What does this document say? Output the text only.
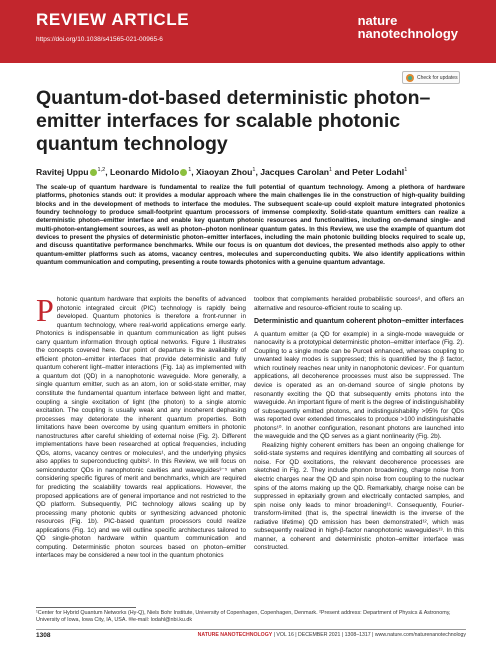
REVIEW ARTICLE
https://doi.org/10.1038/s41565-021-00965-6
nature
nanotechnology
Check for updates
Quantum-dot-based deterministic photon–emitter interfaces for scalable photonic quantum technology
Ravitej Uppu $^{1,2}$, Leonardo Midolo $^1$, Xiaoyan Zhou$^1$, Jacques Carolan$^1$ and Peter Lodahl$^1$

The scale-up of quantum hardware is fundamental to realize the full potential of quantum technology. Among a plethora of hardware platforms, photonics stands out: it provides a modular approach where the main challenges lie in the construction of high-quality building blocks and in the development of methods to interface the modules. The subsequent scale-up could exploit mature integrated photonics foundry technology to produce small-footprint quantum processors of immense complexity. Solid-state quantum emitters can realize a deterministic photon–emitter interface and enable key quantum photonic resources and functionalities, including on-demand single- and multi-photon-entanglement sources, as well as photon–photon nonlinear quantum gates. In this Review, we use the example of quantum dot devices to present the physics of deterministic photon–emitter interfaces, including the main photonic building blocks required to scale up, and discuss quantitative performance benchmarks. While our focus is on quantum dot devices, the presented methods also apply to other quantum-emitter platforms such as atoms, vacancy centres, molecules and superconducting qubits. We also identify applications within quantum communication and computing, presenting a route towards photonics with a genuine quantum advantage.

P hotonic quantum hardware that exploits the benefits of advanced photonic integrated circuit (PIC) technology is rapidly being developed. Quantum photonics is therefore a front-runner in quantum technology, where real-world applications emerge early. Photonics is indispensable in quantum communication as light pulses carry quantum information through optical networks. Figure 1 illustrates the concepts covered here. Our point of departure is the availability of efficient photon–emitter interfaces that provide deterministic and fully quantum coherent light–matter interactions (Fig. 1a) as implemented with a quantum dot (QD) in a nanophotonic waveguide. More generally, a single quantum emitter, such as an atom, ion or solid-state emitter, may constitute the fundamental quantum interface between light and matter, coupling a single excitation of light (the photon) to a single atomic excitation. The coupling is usually weak and any incoherent dephasing processes may deteriorate the inherent quantum properties. Both limitations have been overcome by using quantum emitters in photonic nanostructures after careful shielding of external noise (Fig. 2). Different implementations have been researched at optical frequencies, including QDs, atoms, vacancy centres or molecules¹, and the underlying physics also applies to superconducting qubits². In this Review, we will focus on semiconductor QDs in nanophotonic cavities and waveguides³⁻⁵ when considering specific figures of merit and benchmarks, which are required for predicting the scalability towards real applications. However, the proposed applications are of general importance and not restricted to the QD platform. Subsequently, PIC technology allows scaling up by processing many photonic qubits or synthesizing advanced photonic resources (Fig. 1b). PIC-based quantum processors could realize applications (Fig. 1c) and we will outline specific architectures tailored to QD single-photon hardware within quantum communication and computing. Deterministic photon sources based on photon–emitter interfaces may be considered a new tool in the quantum photonics

toolbox that complements heralded probabilistic sources⁶, and offers an alternative and resource-efficient route to scaling up.

Deterministic and quantum coherent photon–emitter interfaces

A quantum emitter (a QD for example) in a single-mode waveguide or nanocavity is a prototypical deterministic photon–emitter interface (Fig. 2). Coupling to a single mode can be Purcell enhanced, whereas coupling to unwanted leaky modes is suppressed; this is quantified by the β factor, which routinely reaches near unity in nanophotonic devices⁷. For quantum applications, all decoherence processes must also be suppressed. The device is operated as an on-demand source of single photons by resonantly exciting the QD that subsequently emits photons into the waveguide. An important figure of merit is the degree of indistinguishability of subsequently emitted photons, and indistinguishability >95% for QDs was reported over extended timescales to produce >100 indistinguishable photons¹⁰. In another configuration, resonant photons are launched into the waveguide and the QD serves as a giant nonlinearity (Fig. 2b).

Realizing highly coherent emitters has been an ongoing challenge for solid-state systems and requires identifying and combatting all sources of noise. For QD excitations, the relevant decoherence processes are sketched in Fig. 2. They include phonon broadening, charge noise from electric charges near the QD and spin noise from coupling to the nuclear spins of the atoms making up the QD. Remarkably, charge noise can be suppressed in epitaxially grown and electrically contacted samples, and spin noise only leads to minor broadening¹¹. Consequently, Fourier-transform-limited (that is, the spectral linewidth is the inverse of the radiative lifetime) QD emission has been demonstrated¹², which was subsequently realized in high-β-factor nanophotonic waveguides¹³. In this manner, a coherent and deterministic photon–emitter interface was constructed.

¹Center for Hybrid Quantum Networks (Hy-Q), Niels Bohr Institute, University of Copenhagen, Copenhagen, Denmark. ²Present address: Department of Physics & Astronomy, University of Iowa, Iowa City, IA, USA. ✉e-mail: lodahl@nbi.ku.dk

1308	NATURE NANOTECHNOLOGY | VOL 16 | DECEMBER 2021 | 1308–1317 | www.nature.com/naturenanotechnology
